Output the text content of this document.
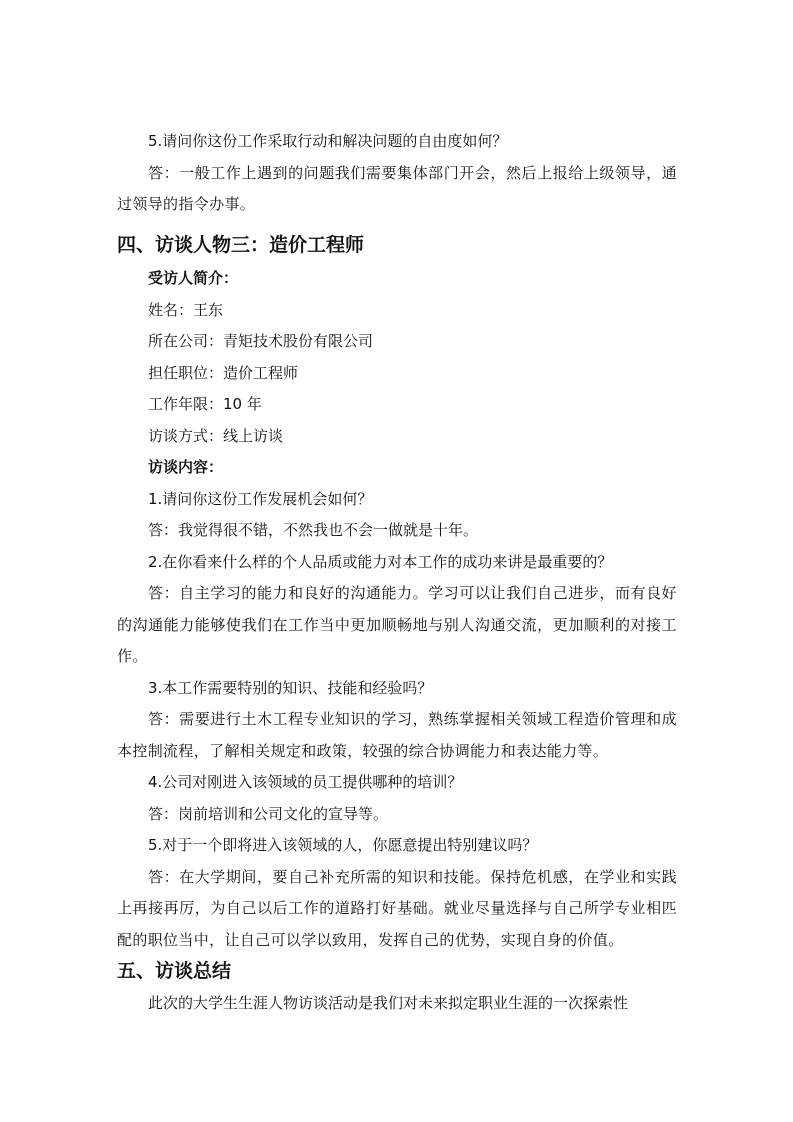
5.请问你这份工作采取行动和解决问题的自由度如何？

答：一般工作上遇到的问题我们需要集体部门开会，然后上报给上级领导，通过领导的指令办事。

四、访谈人物三：造价工程师

受访人简介：

姓名：王东

所在公司：青矩技术股份有限公司

担任职位：造价工程师

工作年限：10 年

访谈方式：线上访谈

访谈内容：

1.请问你这份工作发展机会如何？

答：我觉得很不错，不然我也不会一做就是十年。

2.在你看来什么样的个人品质或能力对本工作的成功来讲是最重要的？

答：自主学习的能力和良好的沟通能力。学习可以让我们自己进步，而有良好的沟通能力能够使我们在工作当中更加顺畅地与别人沟通交流，更加顺利的对接工作。

3.本工作需要特别的知识、技能和经验吗？

答：需要进行土木工程专业知识的学习，熟练掌握相关领域工程造价管理和成本控制流程，了解相关规定和政策，较强的综合协调能力和表达能力等。

4.公司对刚进入该领域的员工提供哪种的培训？

答：岗前培训和公司文化的宣导等。

5.对于一个即将进入该领域的人，你愿意提出特别建议吗？

答：在大学期间，要自己补充所需的知识和技能。保持危机感，在学业和实践上再接再厉，为自己以后工作的道路打好基础。就业尽量选择与自己所学专业相匹配的职位当中，让自己可以学以致用，发挥自己的优势，实现自身的价值。

五、访谈总结

此次的大学生生涯人物访谈活动是我们对未来拟定职业生涯的一次探索性
